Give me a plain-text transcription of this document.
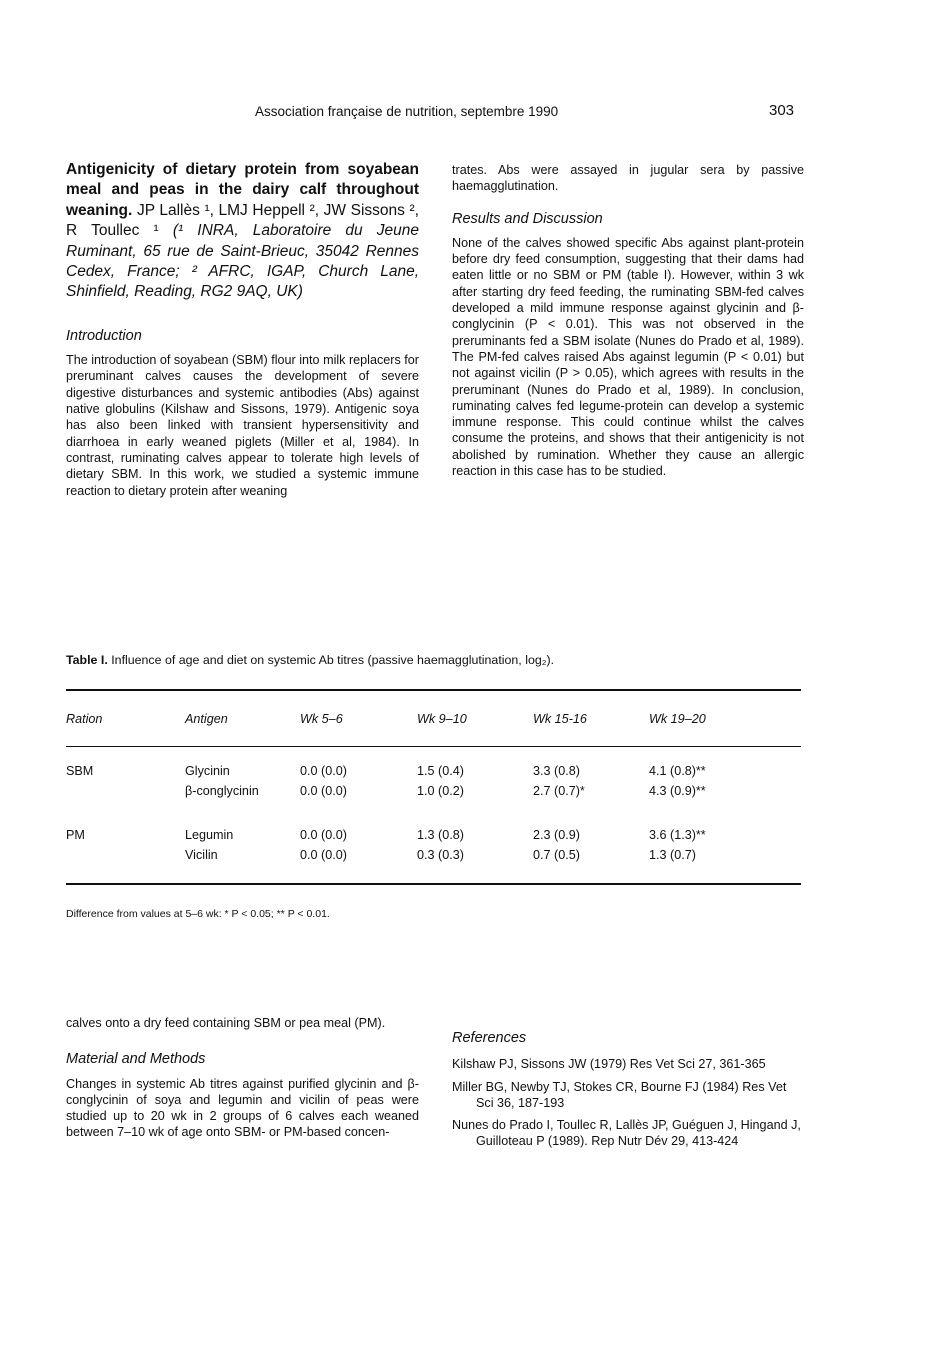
Association française de nutrition, septembre 1990	303
Antigenicity of dietary protein from soyabean meal and peas in the dairy calf throughout weaning. JP Lallès ¹, LMJ Heppell ², JW Sissons ², R Toullec ¹ (¹ INRA, Laboratoire du Jeune Ruminant, 65 rue de Saint-Brieuc, 35042 Rennes Cedex, France; ² AFRC, IGAP, Church Lane, Shinfield, Reading, RG2 9AQ, UK)
Introduction

The introduction of soyabean (SBM) flour into milk replacers for preruminant calves causes the development of severe digestive disturbances and systemic antibodies (Abs) against native globulins (Kilshaw and Sissons, 1979). Antigenic soya has also been linked with transient hypersensitivity and diarrhoea in early weaned piglets (Miller et al, 1984). In contrast, ruminating calves appear to tolerate high levels of dietary SBM. In this work, we studied a systemic immune reaction to dietary protein after weaning

trates. Abs were assayed in jugular sera by passive haemagglutination.

Results and Discussion

None of the calves showed specific Abs against plant-protein before dry feed consumption, suggesting that their dams had eaten little or no SBM or PM (table I). However, within 3 wk after starting dry feed feeding, the ruminating SBM-fed calves developed a mild immune response against glycinin and β-conglycinin (P < 0.01). This was not observed in the preruminants fed a SBM isolate (Nunes do Prado et al, 1989). The PM-fed calves raised Abs against legumin (P < 0.01) but not against vicilin (P > 0.05), which agrees with results in the preruminant (Nunes do Prado et al, 1989). In conclusion, ruminating calves fed legume-protein can develop a systemic immune response. This could continue whilst the calves consume the proteins, and shows that their antigenicity is not abolished by rumination. Whether they cause an allergic reaction in this case has to be studied.

Table I. Influence of age and diet on systemic Ab titres (passive haemagglutination, log₂).
Ration	Antigen	Wk 5–6	Wk 9–10	Wk 15-16	Wk 19–20

SBM	Glycinin	0.0 (0.0)	1.5 (0.4)	3.3 (0.8)	4.1 (0.8)**
	β-conglycinin	0.0 (0.0)	1.0 (0.2)	2.7 (0.7)*	4.3 (0.9)**

PM	Legumin	0.0 (0.0)	1.3 (0.8)	2.3 (0.9)	3.6 (1.3)**
	Vicilin	0.0 (0.0)	0.3 (0.3)	0.7 (0.5)	1.3 (0.7)
Difference from values at 5–6 wk: * P < 0.05; ** P < 0.01.

calves onto a dry feed containing SBM or pea meal (PM).

Material and Methods

Changes in systemic Ab titres against purified glycinin and β-conglycinin of soya and legumin and vicilin of peas were studied up to 20 wk in 2 groups of 6 calves each weaned between 7–10 wk of age onto SBM- or PM-based concen-

References

Kilshaw PJ, Sissons JW (1979) Res Vet Sci 27, 361-365

Miller BG, Newby TJ, Stokes CR, Bourne FJ (1984) Res Vet Sci 36, 187-193

Nunes do Prado I, Toullec R, Lallès JP, Guéguen J, Hingand J, Guilloteau P (1989). Rep Nutr Dév 29, 413-424
